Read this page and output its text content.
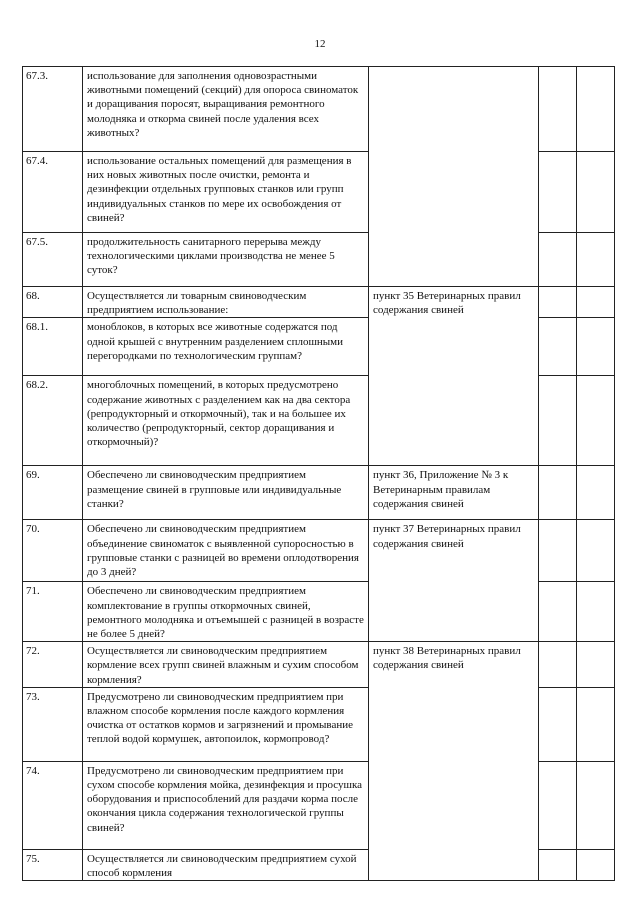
12
67.3.	использование для заполнения одновозрастными животными помещений (секций) для опороса свиноматок и доращивания поросят, выращивания ремонтного молодняка и откорма свиней после удаления всех животных?			
67.4.	использование остальных помещений для размещения в них новых животных после очистки, ремонта и дезинфекции отдельных групповых станков или групп индивидуальных станков по мере их освобождения от свиней?			
67.5.	продолжительность санитарного перерыва между технологическими циклами производства не менее 5 суток?			
68.	Осуществляется ли товарным свиноводческим предприятием использование:	пункт 35 Ветеринарных правил содержания свиней		
68.1.	моноблоков, в которых все животные содержатся под одной крышей с внутренним разделением сплошными перегородками по технологическим группам?			
68.2.	многоблочных помещений, в которых предусмотрено содержание животных с разделением как на два сектора (репродукторный и откормочный), так и на большее их количество (репродукторный, сектор доращивания и откормочный)?			
69.	Обеспечено ли свиноводческим предприятием размещение свиней в групповые или индивидуальные станки?	пункт 36, Приложение № 3 к Ветеринарным правилам содержания свиней		
70.	Обеспечено ли свиноводческим предприятием объединение свиноматок с выявленной супоросностью в групповые станки с разницей во времени оплодотворения до 3 дней?	пункт 37 Ветеринарных правил содержания свиней		
71.	Обеспечено ли свиноводческим предприятием комплектование в группы откормочных свиней, ремонтного молодняка и отъемышей с разницей в возрасте не более 5 дней?			
72.	Осуществляется ли свиноводческим предприятием кормление всех групп свиней влажным и сухим способом кормления?	пункт 38 Ветеринарных правил содержания свиней		
73.	Предусмотрено ли свиноводческим предприятием при влажном способе кормления после каждого кормления очистка от остатков кормов и загрязнений и промывание теплой водой кормушек, автопоилок, кормопровод?			
74.	Предусмотрено ли свиноводческим предприятием при сухом способе кормления мойка, дезинфекция и просушка оборудования и приспособлений для раздачи корма после окончания цикла содержания технологической группы свиней?			
75.	Осуществляется ли свиноводческим предприятием сухой способ кормления			
